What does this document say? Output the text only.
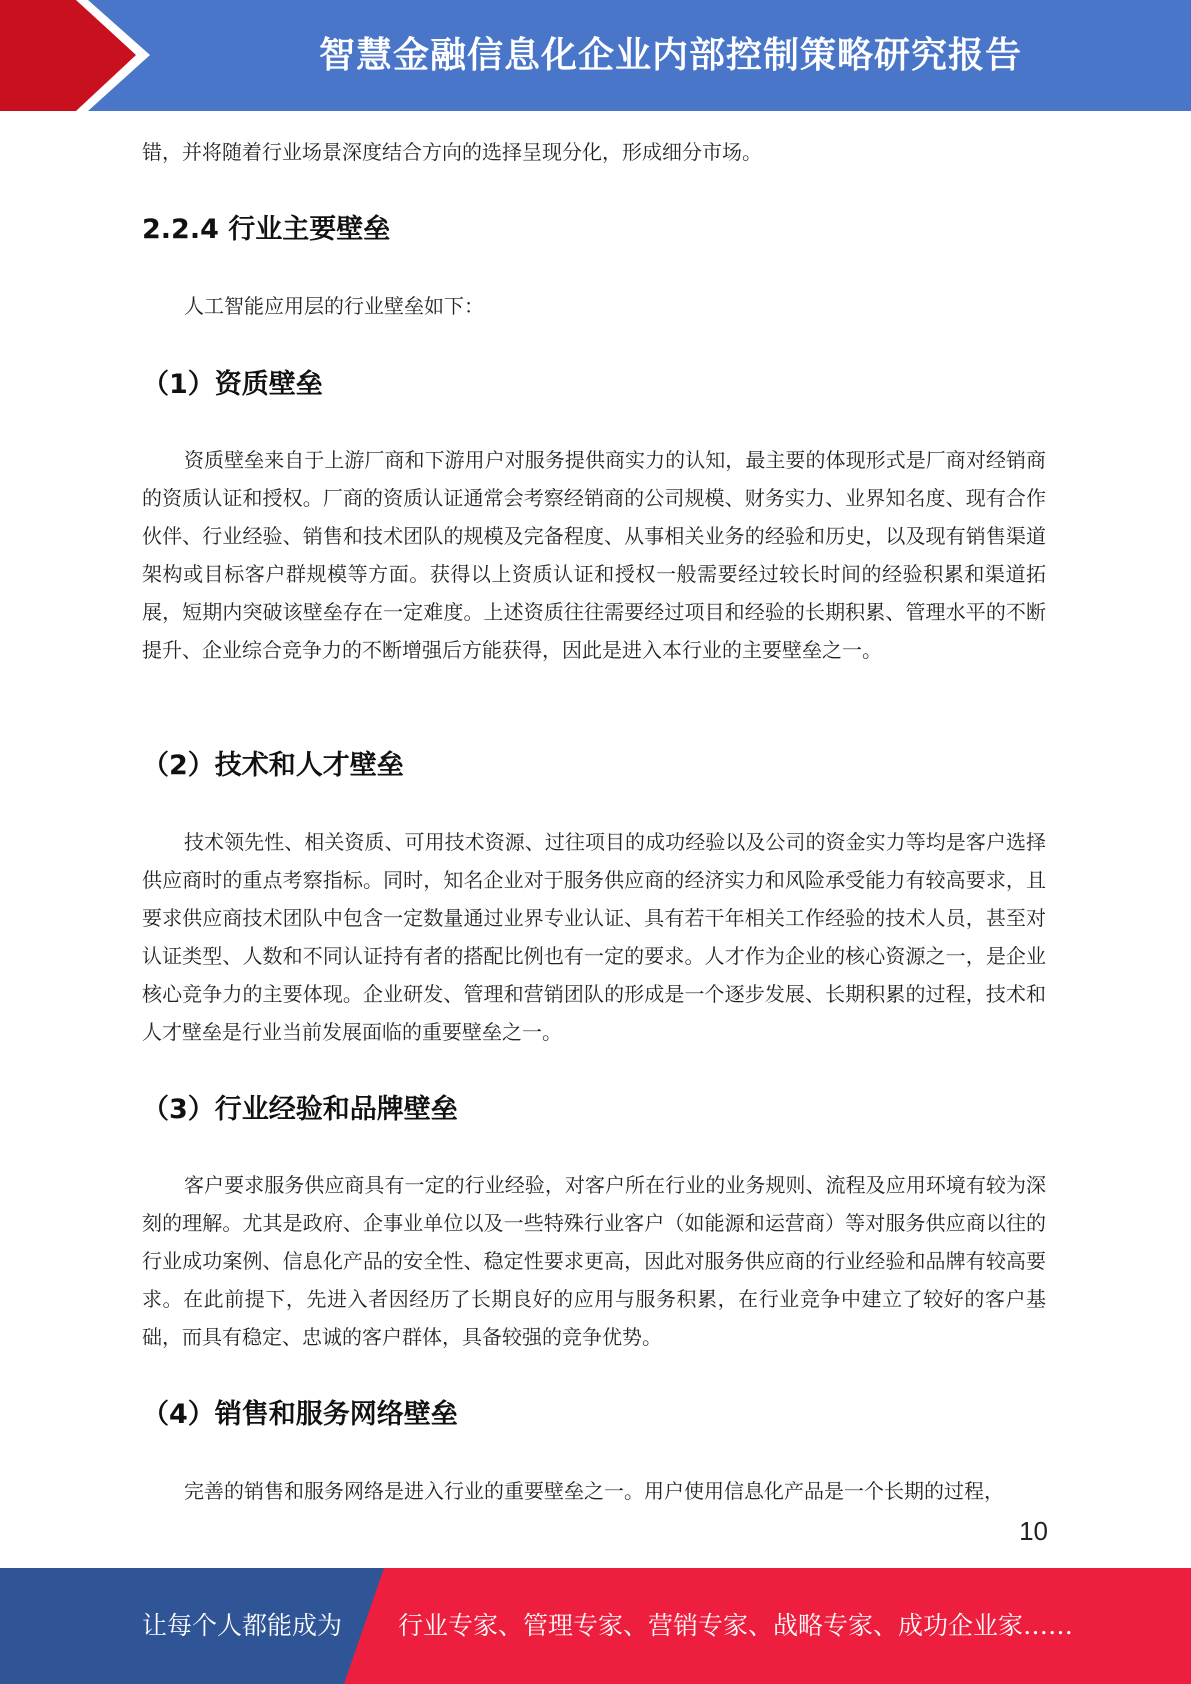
智慧金融信息化企业内部控制策略研究报告
错，并将随着行业场景深度结合方向的选择呈现分化，形成细分市场。
2.2.4 行业主要壁垒
人工智能应用层的行业壁垒如下：
（1）资质壁垒
资质壁垒来自于上游厂商和下游用户对服务提供商实力的认知，最主要的体现形式是厂商对经销商的资质认证和授权。厂商的资质认证通常会考察经销商的公司规模、财务实力、业界知名度、现有合作伙伴、行业经验、销售和技术团队的规模及完备程度、从事相关业务的经验和历史，以及现有销售渠道架构或目标客户群规模等方面。获得以上资质认证和授权一般需要经过较长时间的经验积累和渠道拓展，短期内突破该壁垒存在一定难度。上述资质往往需要经过项目和经验的长期积累、管理水平的不断提升、企业综合竞争力的不断增强后方能获得，因此是进入本行业的主要壁垒之一。
（2）技术和人才壁垒
技术领先性、相关资质、可用技术资源、过往项目的成功经验以及公司的资金实力等均是客户选择供应商时的重点考察指标。同时，知名企业对于服务供应商的经济实力和风险承受能力有较高要求，且要求供应商技术团队中包含一定数量通过业界专业认证、具有若干年相关工作经验的技术人员，甚至对认证类型、人数和不同认证持有者的搭配比例也有一定的要求。人才作为企业的核心资源之一，是企业核心竞争力的主要体现。企业研发、管理和营销团队的形成是一个逐步发展、长期积累的过程，技术和人才壁垒是行业当前发展面临的重要壁垒之一。
（3）行业经验和品牌壁垒
客户要求服务供应商具有一定的行业经验，对客户所在行业的业务规则、流程及应用环境有较为深刻的理解。尤其是政府、企事业单位以及一些特殊行业客户（如能源和运营商）等对服务供应商以往的行业成功案例、信息化产品的安全性、稳定性要求更高，因此对服务供应商的行业经验和品牌有较高要求。在此前提下，先进入者因经历了长期良好的应用与服务积累，在行业竞争中建立了较好的客户基础，而具有稳定、忠诚的客户群体，具备较强的竞争优势。
（4）销售和服务网络壁垒
完善的销售和服务网络是进入行业的重要壁垒之一。用户使用信息化产品是一个长期的过程，
10
让每个人都能成为 行业专家、管理专家、营销专家、战略专家、成功企业家……
